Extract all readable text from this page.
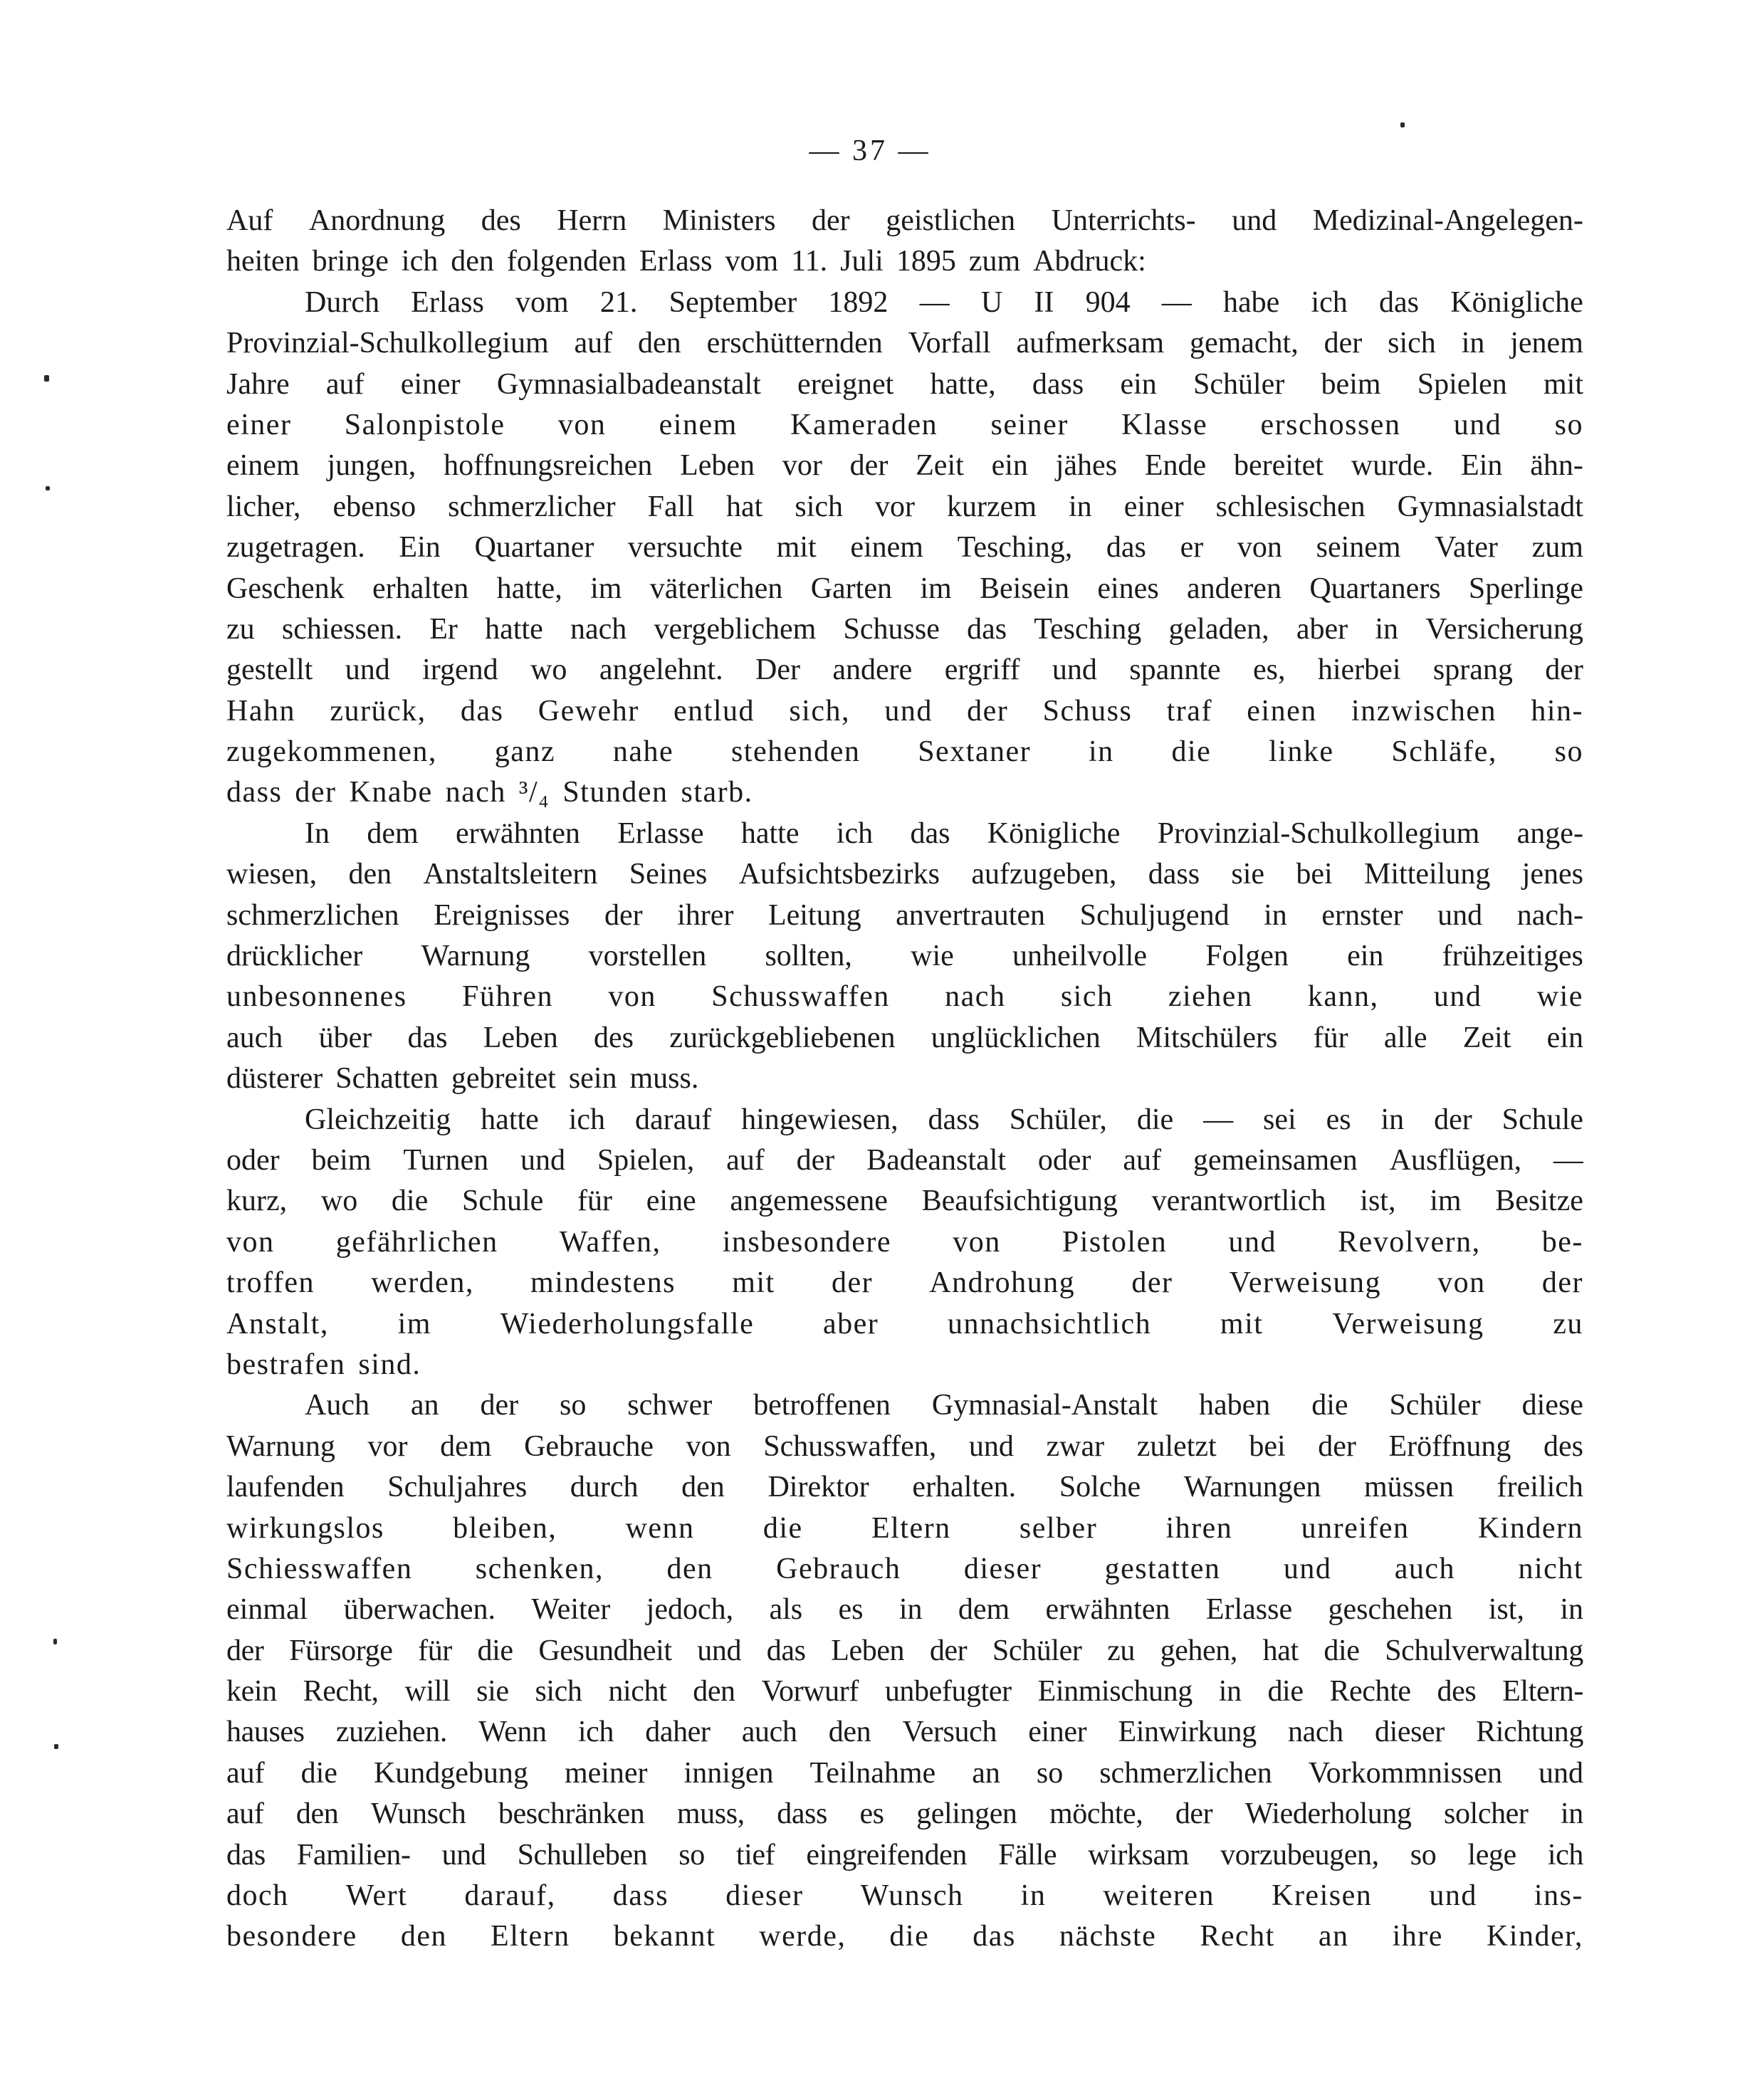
— 37 —
Auf Anordnung des Herrn Ministers der geistlichen Unterrichts- und Medizinal-Angelegen-
heiten bringe ich den folgenden Erlass vom 11. Juli 1895 zum Abdruck:
Durch Erlass vom 21. September 1892 — U II 904 — habe ich das Königliche
Provinzial-Schulkollegium auf den erschütternden Vorfall aufmerksam gemacht, der sich in jenem
Jahre auf einer Gymnasialbadeanstalt ereignet hatte, dass ein Schüler beim Spielen mit
einer Salonpistole von einem Kameraden seiner Klasse erschossen und so
einem jungen, hoffnungsreichen Leben vor der Zeit ein jähes Ende bereitet wurde. Ein ähn-
licher, ebenso schmerzlicher Fall hat sich vor kurzem in einer schlesischen Gymnasialstadt
zugetragen. Ein Quartaner versuchte mit einem Tesching, das er von seinem Vater zum
Geschenk erhalten hatte, im väterlichen Garten im Beisein eines anderen Quartaners Sperlinge
zu schiessen. Er hatte nach vergeblichem Schusse das Tesching geladen, aber in Versicherung
gestellt und irgend wo angelehnt. Der andere ergriff und spannte es, hierbei sprang der
Hahn zurück, das Gewehr entlud sich, und der Schuss traf einen inzwischen hin-
zugekommenen, ganz nahe stehenden Sextaner in die linke Schläfe, so
dass der Knabe nach ³/₄ Stunden starb.
In dem erwähnten Erlasse hatte ich das Königliche Provinzial-Schulkollegium ange-
wiesen, den Anstaltsleitern Seines Aufsichtsbezirks aufzugeben, dass sie bei Mitteilung jenes
schmerzlichen Ereignisses der ihrer Leitung anvertrauten Schuljugend in ernster und nach-
drücklicher Warnung vorstellen sollten, wie unheilvolle Folgen ein frühzeitiges
unbesonnenes Führen von Schusswaffen nach sich ziehen kann, und wie
auch über das Leben des zurückgebliebenen unglücklichen Mitschülers für alle Zeit ein
düsterer Schatten gebreitet sein muss.
Gleichzeitig hatte ich darauf hingewiesen, dass Schüler, die — sei es in der Schule
oder beim Turnen und Spielen, auf der Badeanstalt oder auf gemeinsamen Ausflügen, —
kurz, wo die Schule für eine angemessene Beaufsichtigung verantwortlich ist, im Besitze
von gefährlichen Waffen, insbesondere von Pistolen und Revolvern, be-
troffen werden, mindestens mit der Androhung der Verweisung von der
Anstalt, im Wiederholungsfalle aber unnachsichtlich mit Verweisung zu
bestrafen sind.
Auch an der so schwer betroffenen Gymnasial-Anstalt haben die Schüler diese
Warnung vor dem Gebrauche von Schusswaffen, und zwar zuletzt bei der Eröffnung des
laufenden Schuljahres durch den Direktor erhalten. Solche Warnungen müssen freilich
wirkungslos bleiben, wenn die Eltern selber ihren unreifen Kindern
Schiesswaffen schenken, den Gebrauch dieser gestatten und auch nicht
einmal überwachen. Weiter jedoch, als es in dem erwähnten Erlasse geschehen ist, in
der Fürsorge für die Gesundheit und das Leben der Schüler zu gehen, hat die Schulverwaltung
kein Recht, will sie sich nicht den Vorwurf unbefugter Einmischung in die Rechte des Eltern-
hauses zuziehen. Wenn ich daher auch den Versuch einer Einwirkung nach dieser Richtung
auf die Kundgebung meiner innigen Teilnahme an so schmerzlichen Vorkommnissen und
auf den Wunsch beschränken muss, dass es gelingen möchte, der Wiederholung solcher in
das Familien- und Schulleben so tief eingreifenden Fälle wirksam vorzubeugen, so lege ich
doch Wert darauf, dass dieser Wunsch in weiteren Kreisen und ins-
besondere den Eltern bekannt werde, die das nächste Recht an ihre Kinder,
